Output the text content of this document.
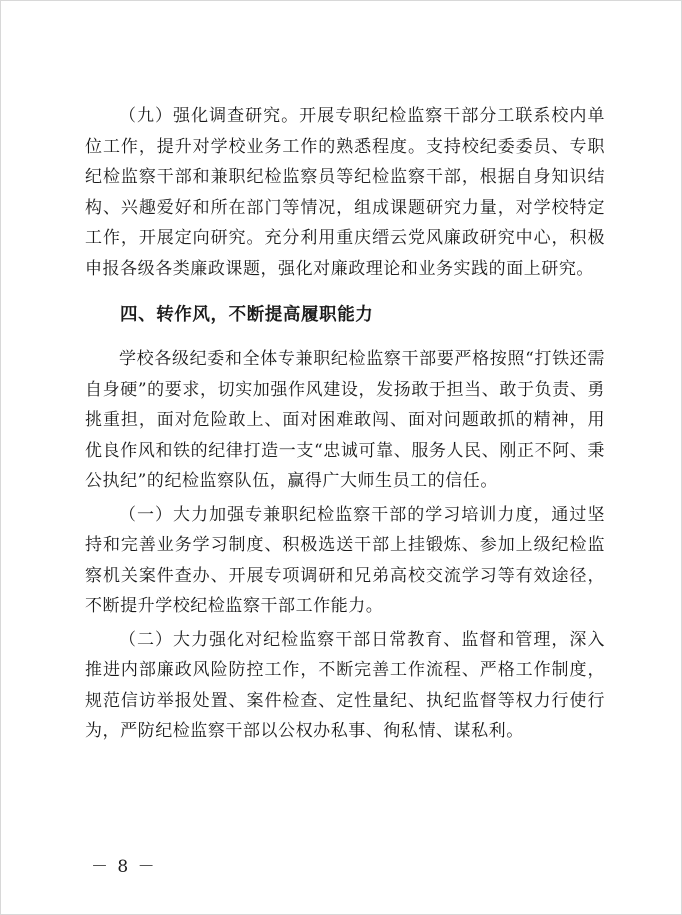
（九）强化调查研究。开展专职纪检监察干部分工联系校内单位工作，提升对学校业务工作的熟悉程度。支持校纪委委员、专职纪检监察干部和兼职纪检监察员等纪检监察干部，根据自身知识结构、兴趣爱好和所在部门等情况，组成课题研究力量，对学校特定工作，开展定向研究。充分利用重庆缙云党风廉政研究中心，积极申报各级各类廉政课题，强化对廉政理论和业务实践的面上研究。

四、转作风，不断提高履职能力

学校各级纪委和全体专兼职纪检监察干部要严格按照“打铁还需自身硬”的要求，切实加强作风建设，发扬敢于担当、敢于负责、勇挑重担，面对危险敢上、面对困难敢闯、面对问题敢抓的精神，用优良作风和铁的纪律打造一支“忠诚可靠、服务人民、刚正不阿、秉公执纪”的纪检监察队伍，赢得广大师生员工的信任。

（一）大力加强专兼职纪检监察干部的学习培训力度，通过坚持和完善业务学习制度、积极选送干部上挂锻炼、参加上级纪检监察机关案件查办、开展专项调研和兄弟高校交流学习等有效途径，不断提升学校纪检监察干部工作能力。

（二）大力强化对纪检监察干部日常教育、监督和管理，深入推进内部廉政风险防控工作，不断完善工作流程、严格工作制度，规范信访举报处置、案件检查、定性量纪、执纪监督等权力行使行为，严防纪检监察干部以公权办私事、徇私情、谋私利。

－ 8 －
